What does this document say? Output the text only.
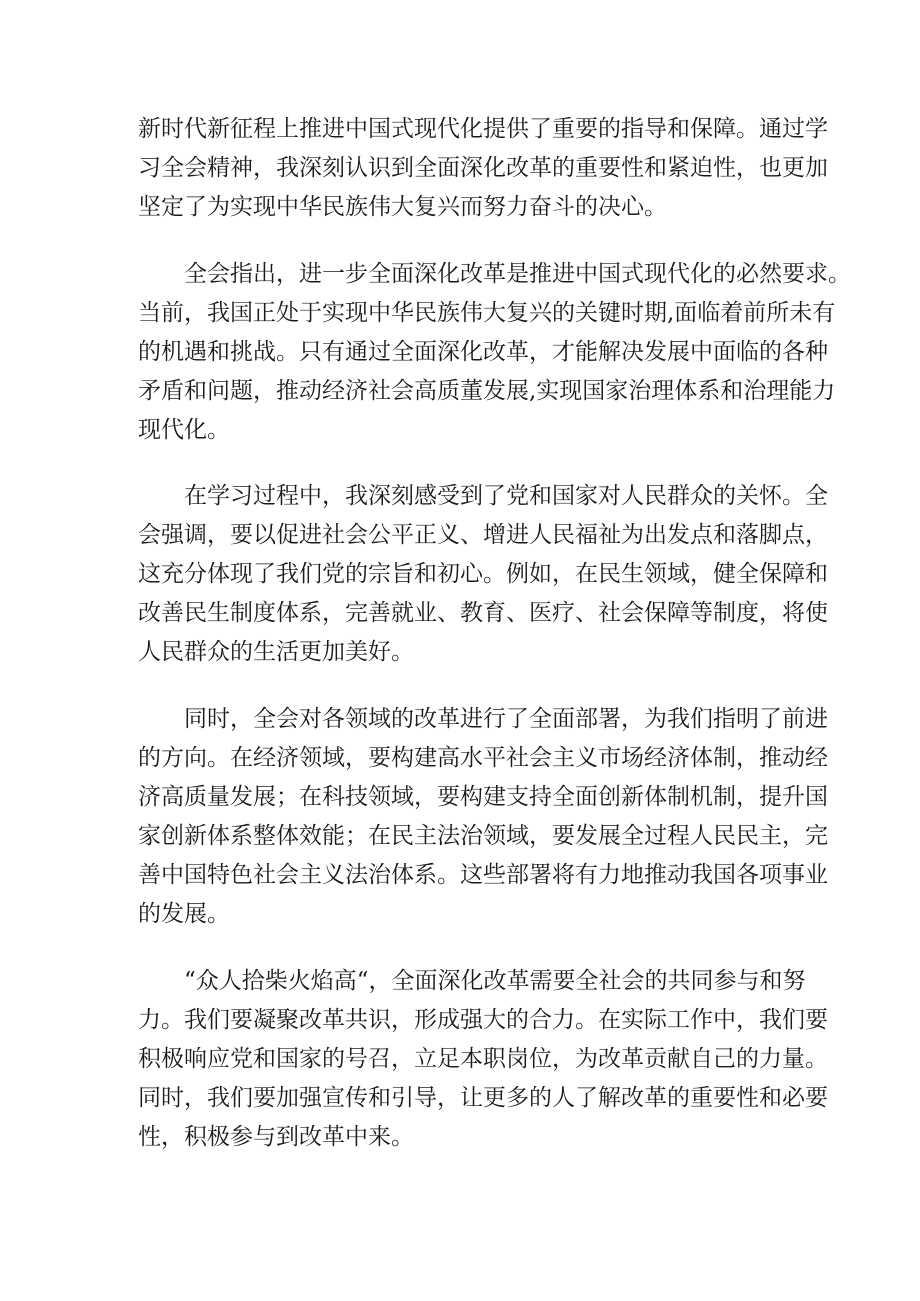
新时代新征程上推进中国式现代化提供了重要的指导和保障。通过学
习全会精神，我深刻认识到全面深化改革的重要性和紧迫性，也更加
坚定了为实现中华民族伟大复兴而努力奋斗的决心。
全会指出，进一步全面深化改革是推进中国式现代化的必然要求。
当前，我国正处于实现中华民族伟大复兴的关键时期,面临着前所未有
的机遇和挑战。只有通过全面深化改革，才能解决发展中面临的各种
矛盾和问题，推动经济社会高质董发展,实现国家治理体系和治理能力
现代化。
在学习过程中，我深刻感受到了党和国家对人民群众的关怀。全
会强调，要以促进社会公平正义、增进人民福祉为出发点和落脚点，
这充分体现了我们党的宗旨和初心。例如，在民生领域，健全保障和
改善民生制度体系，完善就业、教育、医疗、社会保障等制度，将使
人民群众的生活更加美好。
同时，全会对各领域的改革进行了全面部署，为我们指明了前进
的方向。在经济领域，要构建高水平社会主义市场经济体制，推动经
济高质量发展；在科技领域，要构建支持全面创新体制机制，提升国
家创新体系整体效能；在民主法治领域，要发展全过程人民民主，完
善中国特色社会主义法治体系。这些部署将有力地推动我国各项事业
的发展。
“众人拾柴火焰高“，全面深化改革需要全社会的共同参与和努
力。我们要凝聚改革共识，形成强大的合力。在实际工作中，我们要
积极响应党和国家的号召，立足本职岗位，为改革贡献自己的力量。
同时，我们要加强宣传和引导，让更多的人了解改革的重要性和必要
性，积极参与到改革中来。
